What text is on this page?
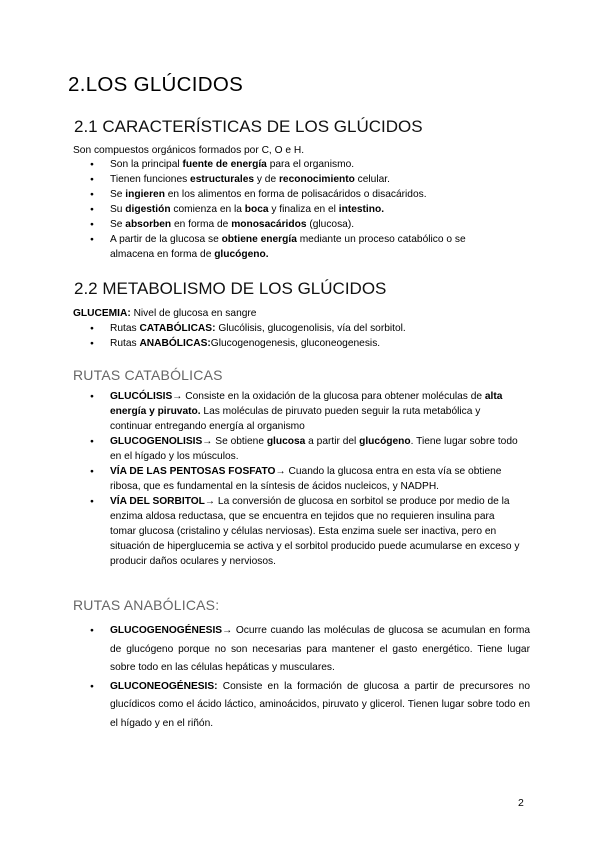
2.LOS GLÚCIDOS
2.1 CARACTERÍSTICAS DE LOS GLÚCIDOS

Son compuestos orgánicos formados por C, O e H.

● Son la principal fuente de energía para el organismo.
● Tienen funciones estructurales y de reconocimiento celular.
● Se ingieren en los alimentos en forma de polisacáridos o disacáridos.
● Su digestión comienza en la boca y finaliza en el intestino.
● Se absorben en forma de monosacáridos (glucosa).
● A partir de la glucosa se obtiene energía mediante un proceso catabólico o se almacena en forma de glucógeno.
2.2 METABOLISMO DE LOS GLÚCIDOS

GLUCEMIA: Nivel de glucosa en sangre

● Rutas CATABÓLICAS: Glucólisis, glucogenolisis, vía del sorbitol.
● Rutas ANABÓLICAS:Glucogenogenesis, gluconeogenesis.
RUTAS CATABÓLICAS
● GLUCÓLISIS→ Consiste en la oxidación de la glucosa para obtener moléculas de alta energía y piruvato. Las moléculas de piruvato pueden seguir la ruta metabólica y continuar entregando energía al organismo
● GLUCOGENOLISIS→ Se obtiene glucosa a partir del glucógeno. Tiene lugar sobre todo en el hígado y los músculos.
● VÍA DE LAS PENTOSAS FOSFATO→ Cuando la glucosa entra en esta vía se obtiene ribosa, que es fundamental en la síntesis de ácidos nucleicos, y NADPH.
● VÍA DEL SORBITOL→ La conversión de glucosa en sorbitol se produce por medio de la enzima aldosa reductasa, que se encuentra en tejidos que no requieren insulina para tomar glucosa (cristalino y células nerviosas). Esta enzima suele ser inactiva, pero en situación de hiperglucemia se activa y el sorbitol producido puede acumularse en exceso y producir daños oculares y nerviosos.
RUTAS ANABÓLICAS:
● GLUCOGENOGÉNESIS→ Ocurre cuando las moléculas de glucosa se acumulan en forma de glucógeno porque no son necesarias para mantener el gasto energético. Tiene lugar sobre todo en las células hepáticas y musculares.
● GLUCONEOGÉNESIS: Consiste en la formación de glucosa a partir de precursores no glucídicos como el ácido láctico, aminoácidos, piruvato y glicerol. Tienen lugar sobre todo en el hígado y en el riñón.
2
